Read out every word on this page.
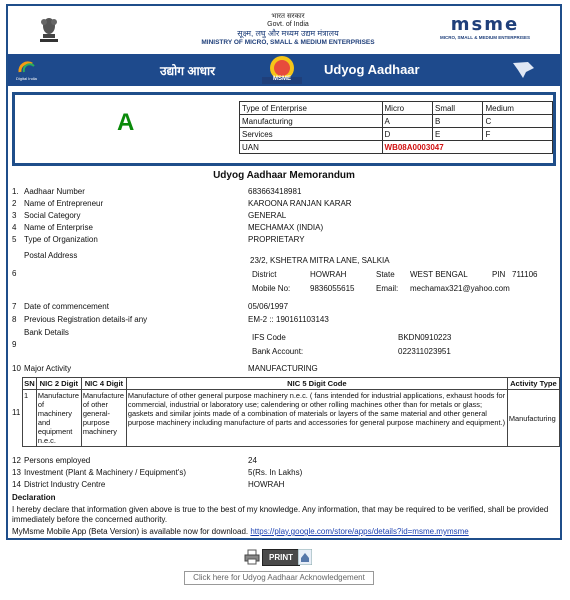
भारत सरकार
Govt. of India
सूक्ष्म, लघु और मध्यम उद्यम मंत्रालय
MINISTRY OF MICRO, SMALL & MEDIUM ENTERPRISES
msme
MICRO, SMALL & MEDIUM ENTERPRISES
Digital India
उद्योग आधार
MSME
Udyog Aadhaar
A
Type of Enterprise	Micro	Small	Medium
Manufacturing	A	B	C
Services	D	E	F
UAN	WB08A0003047		
Udyog Aadhaar Memorandum
1. Aadhaar Number	683663418981
2 Name of Entrepreneur	KAROONA RANJAN KARAR
3 Social Category	GENERAL
4 Name of Enterprise	MECHAMAX (INDIA)
5 Type of Organization	PROPRIETARY
Postal Address
6
23/2, KSHETRA MITRA LANE, SALKIA
District	HOWRAH	State WEST BENGAL	PIN 711106
Mobile No: 9836055615	Email: mechamax321@yahoo.com
7 Date of commencement	05/06/1997
8 Previous Registration details-if any	EM-2 :: 190161103143
Bank Details
9
IFS Code	BKDN0910223
Bank Account:	022311023951
10 Major Activity	MANUFACTURING
11
SN	NIC 2 Digit	NIC 4 Digit	NIC 5 Digit Code	Activity Type
1	Manufacture of machinery and equipment n.e.c.	Manufacture of other general-purpose machinery	Manufacture of other general purpose machinery n.e.c. ( fans intended for industrial applications, exhaust hoods for commercial, industrial or laboratory use; calendering or other rolling machines other than for metals or glass; gaskets and similar joints made of a combination of materials or layers of the same material and other general purpose machinery including manufacture of parts and accessories for general purpose machinery and equipment.)	Manufacturing
12 Persons employed	24
13 Investment (Plant & Machinery / Equipment's)	5(Rs. In Lakhs)
14 District Industry Centre	HOWRAH
Declaration
I hereby declare that information given above is true to the best of my knowledge. Any information, that may be required to be verified, shall be provided immediately before the concerned authority.
MyMsme Mobile App (Beta Version) is available now for download. https://play.google.com/store/apps/details?id=msme.mymsme
PRINT
Click here for Udyog Aadhaar Acknowledgement
